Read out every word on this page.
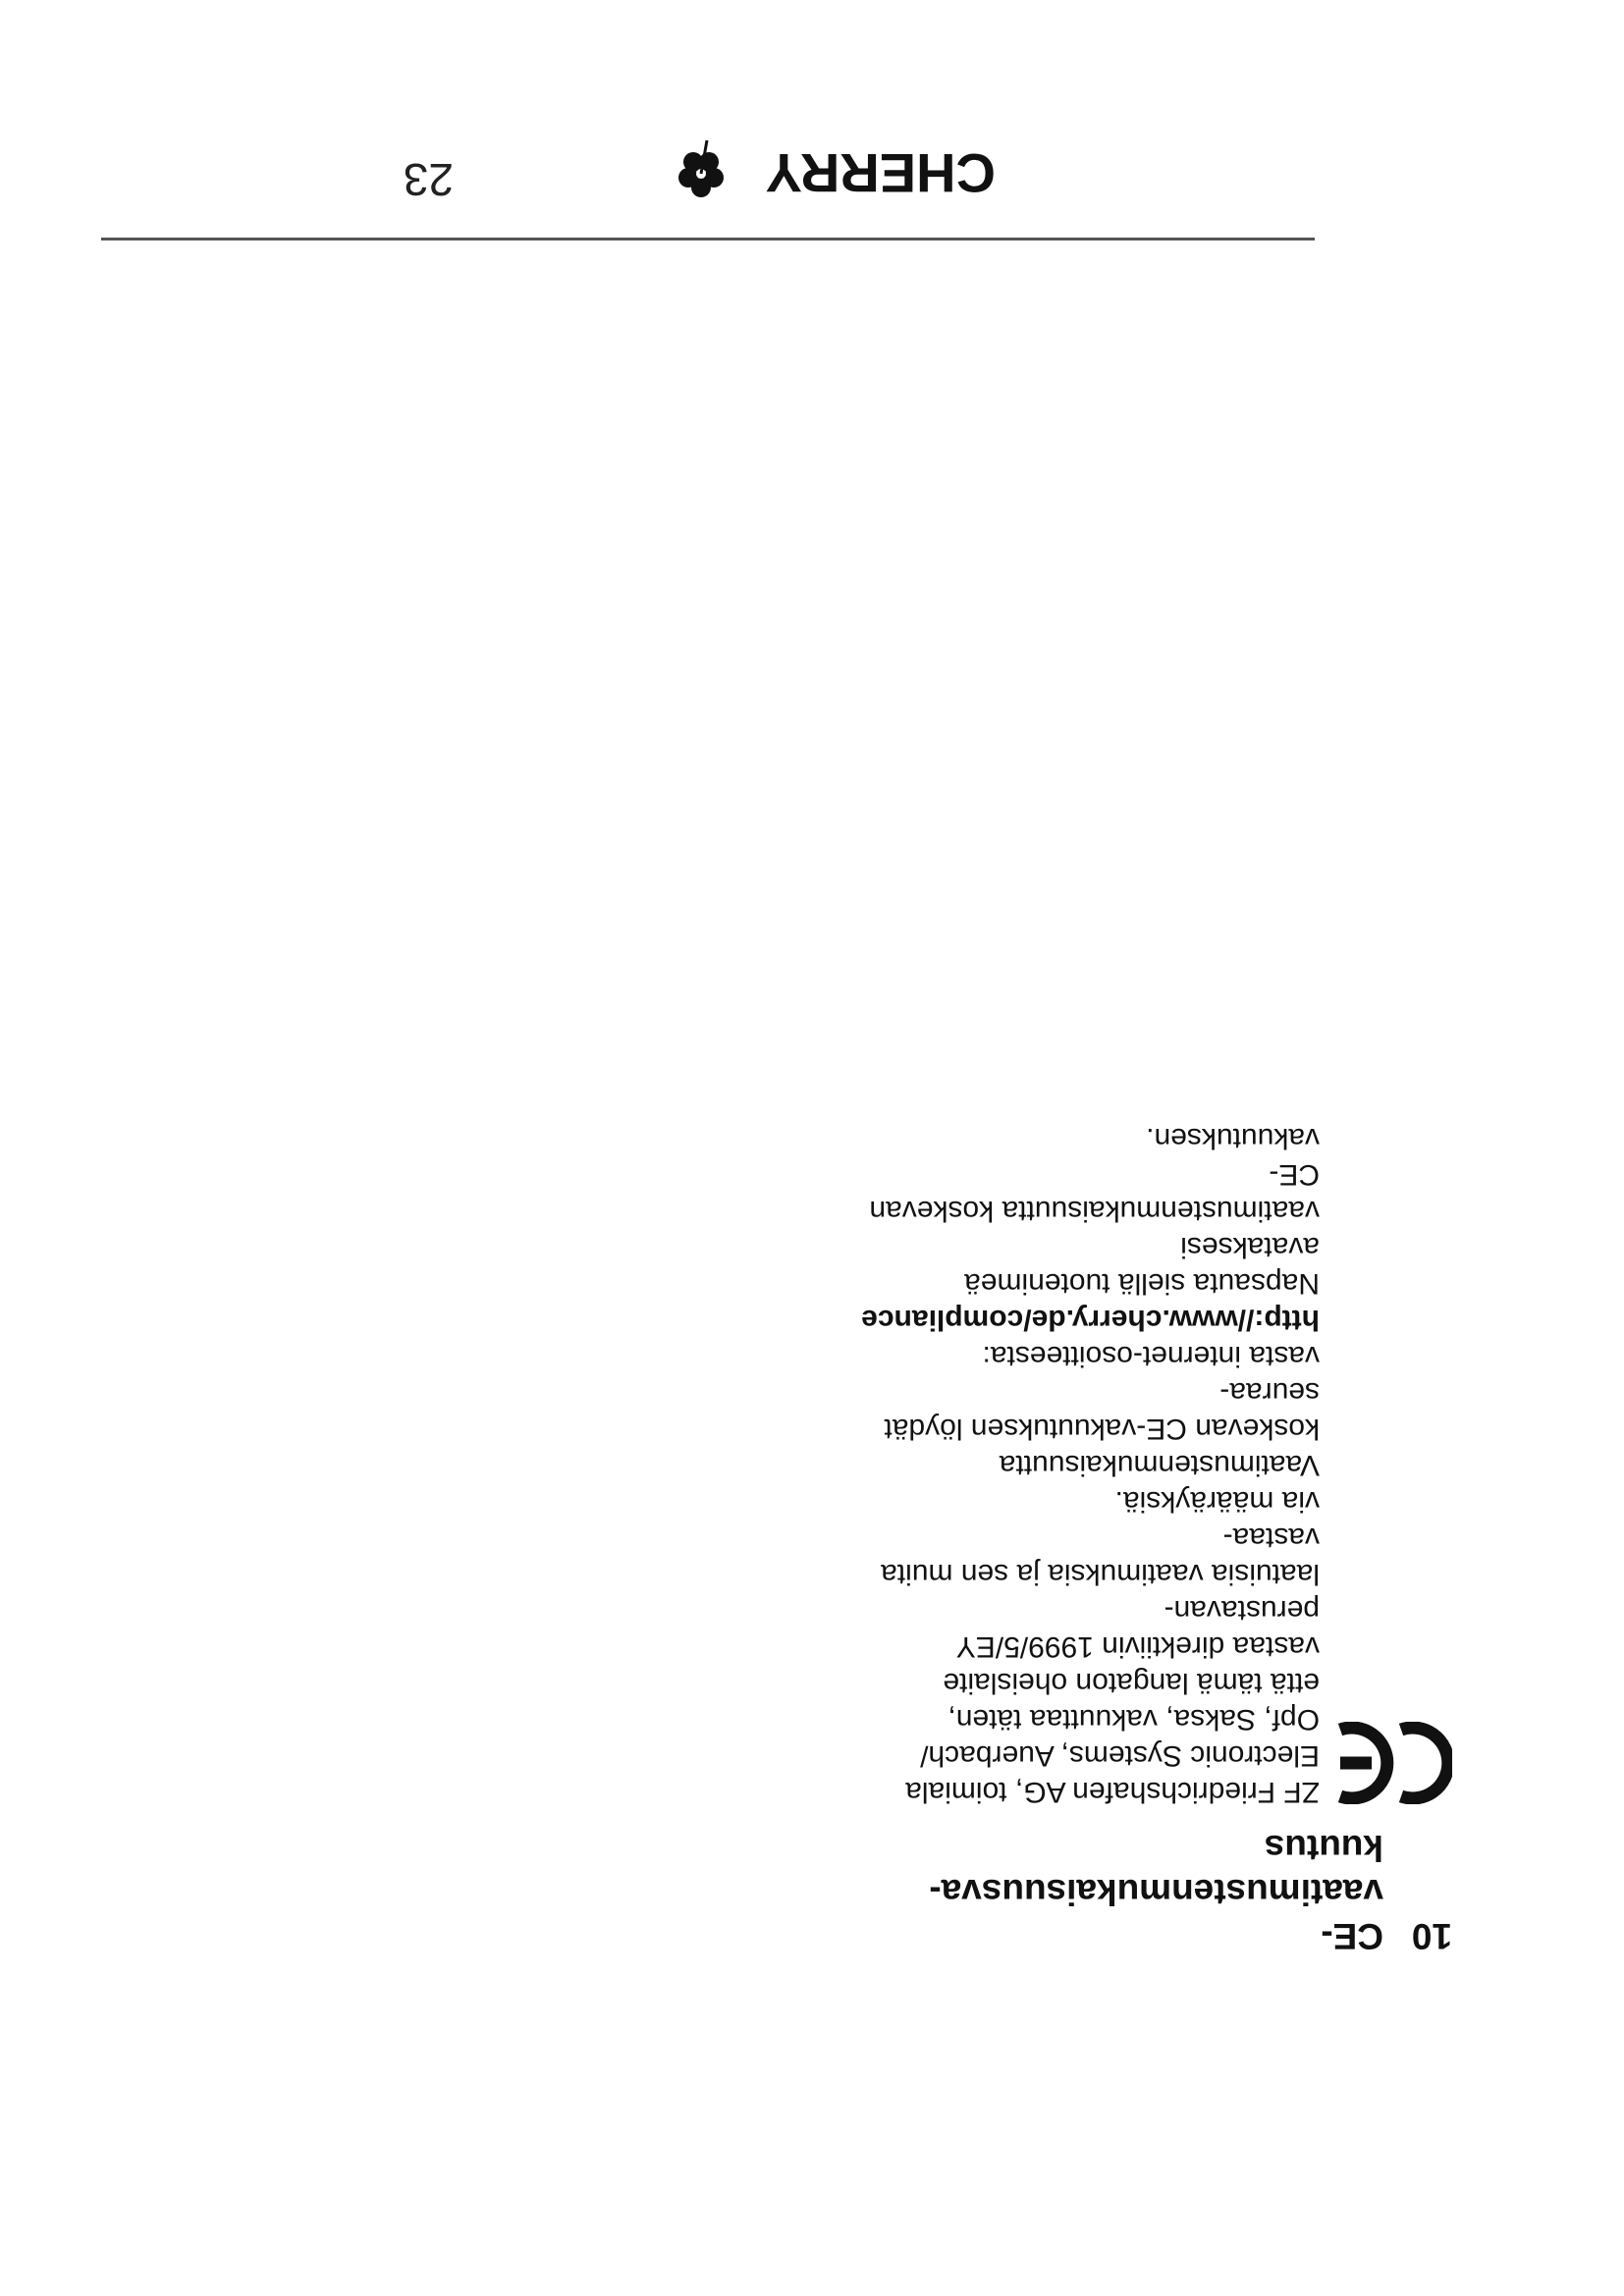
10
CE-vaatimustenmukaisuusva-kuutus

ZF Friedrichshafen AG, toimiala

Electronic Systems, Auerbach/

Opf, Saksa, vakuuttaa täten,

että tämä langaton oheislaite

vastaa direktiivin 1999/5/EY perustavan-

laatuisia vaatimuksia ja sen muita vastaa-

via määräyksiä. Vaatimustenmukaisuutta

koskevan CE-vakuutuksen löydät seuraa-

vasta internet-osoitteesta:

http://www.cherry.de/compliance

Napsauta siellä tuotenimeä avataksesi

vaatimustenmukaisuutta koskevan CE-

vakuutuksen.

CHERRY
23
